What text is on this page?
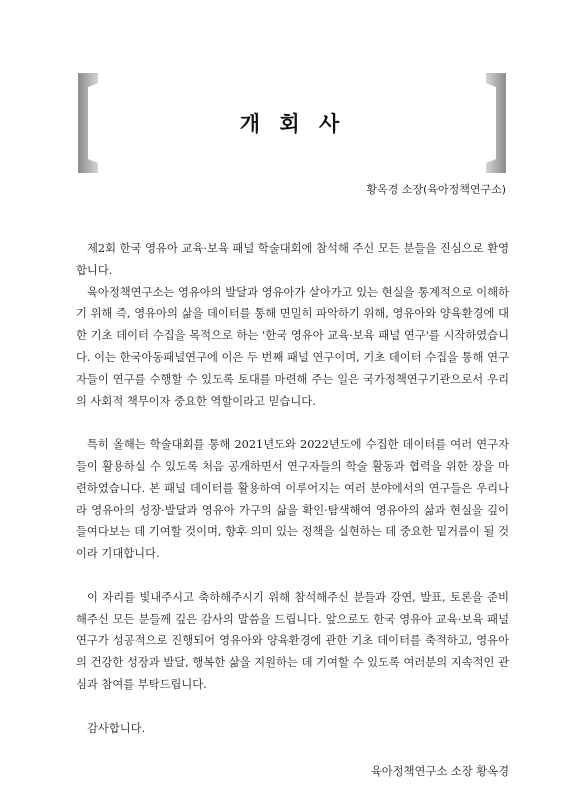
개 회 사
황옥경 소장(육아정책연구소)

제2회 한국 영유아 교육·보육 패널 학술대회에 참석해 주신 모든 분들을 진심으로 환영합니다.

육아정책연구소는 영유아의 발달과 영유아가 살아가고 있는 현실을 통계적으로 이해하기 위해 즉, 영유아의 삶을 데이터를 통해 면밀히 파악하기 위해, 영유아와 양육환경에 대한 기초 데이터 수집을 목적으로 하는 '한국 영유아 교육·보육 패널 연구'를 시작하였습니다. 이는 한국아동패널연구에 이은 두 번째 패널 연구이며, 기초 데이터 수집을 통해 연구자들이 연구를 수행할 수 있도록 토대를 마련해 주는 일은 국가정책연구기관으로서 우리의 사회적 책무이자 중요한 역할이라고 믿습니다.

특히 올해는 학술대회를 통해 2021년도와 2022년도에 수집한 데이터를 여러 연구자들이 활용하실 수 있도록 처음 공개하면서 연구자들의 학술 활동과 협력을 위한 장을 마련하였습니다. 본 패널 데이터를 활용하여 이루어지는 여러 분야에서의 연구들은 우리나라 영유아의 성장·발달과 영유아 가구의 삶을 확인·탐색해여 영유아의 삶과 현실을 깊이 들여다보는 데 기여할 것이며, 향후 의미 있는 정책을 실현하는 데 중요한 밑거름이 될 것이라 기대합니다.

이 자리를 빛내주시고 축하해주시기 위해 참석해주신 분들과 강연, 발표, 토론을 준비해주신 모든 분들께 깊은 감사의 말씀을 드립니다. 앞으로도 한국 영유아 교육·보육 패널 연구가 성공적으로 진행되어 영유아와 양육환경에 관한 기초 데이터를 축적하고, 영유아의 건강한 성장과 발달, 행복한 삶을 지원하는 데 기여할 수 있도록 여러분의 지속적인 관심과 참여를 부탁드립니다.

감사합니다.

육아정책연구소 소장 황옥경
